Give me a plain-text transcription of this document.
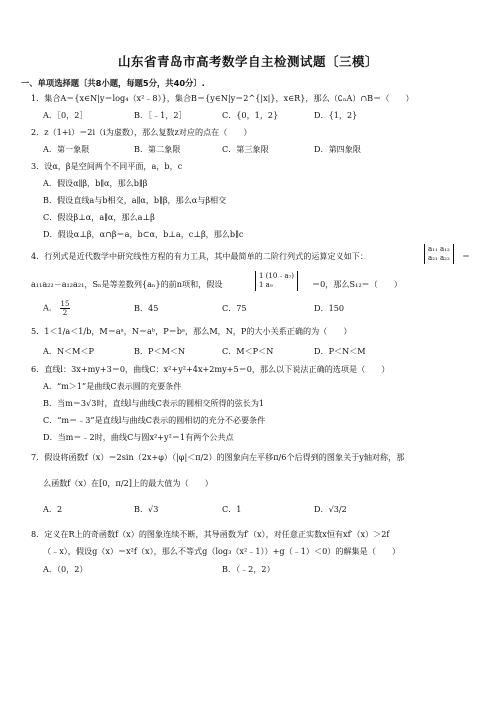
山东省青岛市高考数学自主检测试题〔三模〕
一、单项选择题〔共8小题，每题5分，共40分〕.
1．集合A＝{x∈N|y＝log₄（x²﹣8）}，集合B＝{y∈N|y＝2^{|x|}，x∈R}，那么（∁ₙA）∩B＝（　　）
A．［0，2］	B．［﹣1，2］	C．{0，1，2}	D．{1，2}
2．z（1+i）＝2i（i为虚数），那么复数z对应的点在（　　）
A．第一象限	B．第二象限	C．第三象限	D．第四象限
3．设α，β是空间两个不同平面，a，b，c
A．假设α∥β，b∥α，那么b∥β
B．假设直线a与b相交，a∥α，b∥β，那么α与β相交
C．假设β⊥α，a∥α，那么a⊥β
D．假设α⊥β，α∩β＝a，b⊂α，b⊥a，c⊥β，那么b∥c
4．行列式是近代数学中研究线性方程的有力工具，其中最简单的二阶行列式的运算定义如下：
a₁₁ a₁₂
a₂₁ a₂₂ ＝
a₁₁a₂₂－a₁₂a₂₁，Sₙ是等差数列{aₙ}的前n项和，假设
1 (10﹣a₇)
1 a₉	＝0，那么S₁₂＝（　　）
A． $\frac{15}{2}$	B．45	C．75	D．150
5．1＜1/a＜1/b，M＝aᵃ，N＝aᵇ，P＝bᵃ，那么M，N，P的大小关系正确的为（　　）
A．N＜M＜P	B．P＜M＜N	C．M＜P＜N	D．P＜N＜M
6．直线l：3x+my+3＝0，曲线C：x²+y²+4x+2my+5＝0，那么以下说法正确的选项是（　　）
A．“m＞1”是曲线C表示圆的充要条件
B．当m＝3√3时，直线l与曲线C表示的圆相交所得的弦长为1
C．“m＝﹣3”是直线l与曲线C表示的圆相切的充分不必要条件
D．当m＝﹣2时，曲线C与圆x²+y²＝1有两个公共点
7．假设将函数f（x）＝2sin（2x+φ）（|φ|＜π/2）的图象向左平移π/6个后得到的图象关于y轴对称，那
么函数f（x）在[0，π/2]上的最大值为（　　）
A．2	B．√3	C．1	D．√3/2
8．定义在R上的奇函数f（x）的图象连续不断，其导函数为f′（x），对任意正实数x恒有xf′（x）＞2f
（﹣x），假设g（x）＝x²f（x），那么不等式g（log₃（x²﹣1））+g（﹣1）＜0）的解集是（　　）
A．（0，2）	B．（﹣2，2）
